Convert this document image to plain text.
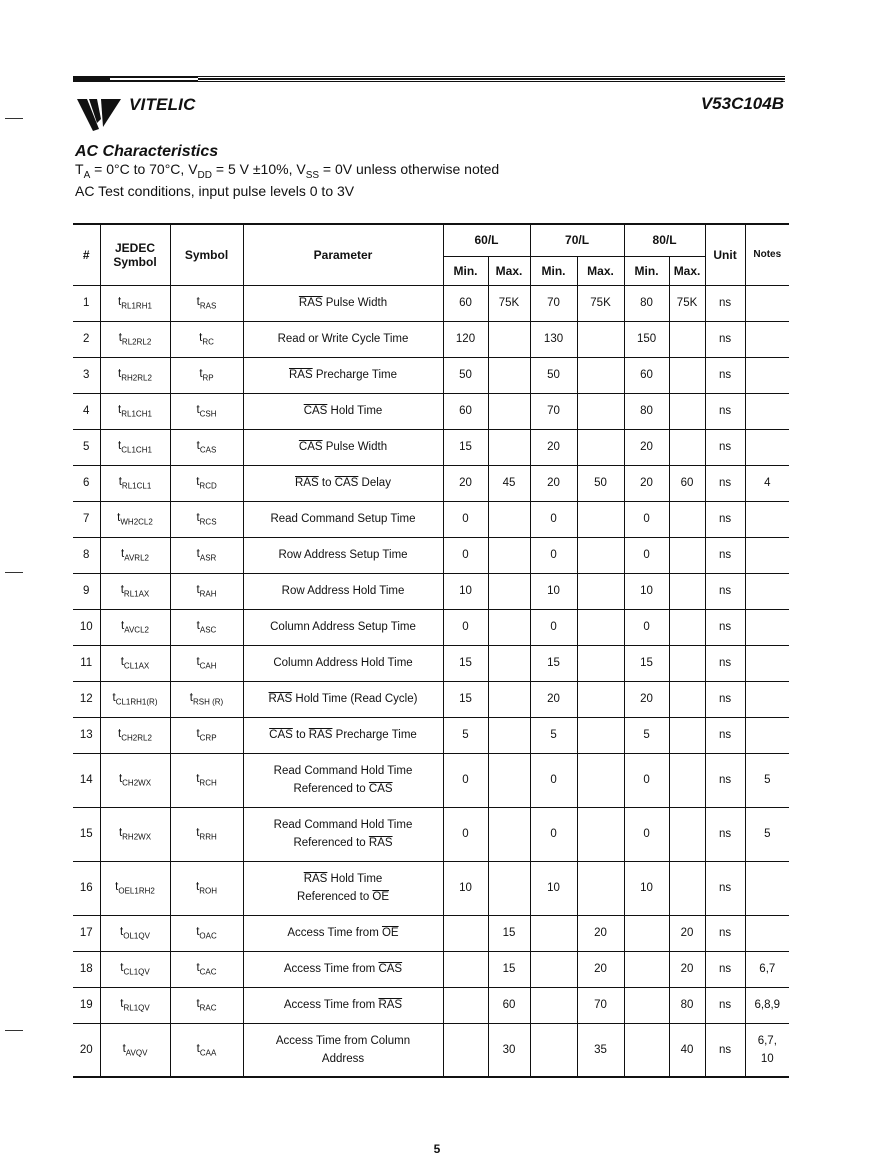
VITELIC	V53C104B
AC Characteristics
$T_A = 0^\circ C$ to 70°C, $V_{DD} = 5$ V ±10%, $V_{SS} = 0V$ unless otherwise noted
AC Test conditions, input pulse levels 0 to 3V
#	JEDEC Symbol	Symbol	Parameter	60/L		70/L		80/L		Unit	Notes
				Min.	Max.	Min.	Max.	Min.	Max.		
1	$t_{RL1RH1}$	$t_{RAS}$	$\overline{RAS}$ Pulse Width	60	75K	70	75K	80	75K	ns	
2	$t_{RL2RL2}$	$t_{RC}$	Read or Write Cycle Time	120		130		150		ns	
3	$t_{RH2RL2}$	$t_{RP}$	$\overline{RAS}$ Precharge Time	50		50		60		ns	
4	$t_{RL1CH1}$	$t_{CSH}$	$\overline{CAS}$ Hold Time	60		70		80		ns	
5	$t_{CL1CH1}$	$t_{CAS}$	$\overline{CAS}$ Pulse Width	15		20		20		ns	
6	$t_{RL1CL1}$	$t_{RCD}$	$\overline{RAS}$ to $\overline{CAS}$ Delay	20	45	20	50	20	60	ns	4
7	$t_{WH2CL2}$	$t_{RCS}$	Read Command Setup Time	0		0		0		ns	
8	$t_{AVRL2}$	$t_{ASR}$	Row Address Setup Time	0		0		0		ns	
9	$t_{RL1AX}$	$t_{RAH}$	Row Address Hold Time	10		10		10		ns	
10	$t_{AVCL2}$	$t_{ASC}$	Column Address Setup Time	0		0		0		ns	
11	$t_{CL1AX}$	$t_{CAH}$	Column Address Hold Time	15		15		15		ns	
12	$t_{CL1RH1(R)}$	$t_{RSH (R)}$	$\overline{RAS}$ Hold Time (Read Cycle)	15		20		20		ns	
13	$t_{CH2RL2}$	$t_{CRP}$	$\overline{CAS}$ to $\overline{RAS}$ Precharge Time	5		5		5		ns	
14	$t_{CH2WX}$	$t_{RCH}$	Read Command Hold Time
Referenced to $\overline{CAS}$	0		0		0		ns	5
15	$t_{RH2WX}$	$t_{RRH}$	Read Command Hold Time
Referenced to $\overline{RAS}$	0		0		0		ns	5
16	$t_{OEL1RH2}$	$t_{ROH}$	$\overline{RAS}$ Hold Time
Referenced to $\overline{OE}$	10		10		10		ns	
17	$t_{OL1QV}$	$t_{OAC}$	Access Time from $\overline{OE}$		15		20		20	ns	
18	$t_{CL1QV}$	$t_{CAC}$	Access Time from $\overline{CAS}$		15		20		20	ns	6,7
19	$t_{RL1QV}$	$t_{RAC}$	Access Time from $\overline{RAS}$		60		70		80	ns	6,8,9
20	$t_{AVQV}$	$t_{CAA}$	Access Time from Column
Address		30		35		40	ns	6,7,
10
5
